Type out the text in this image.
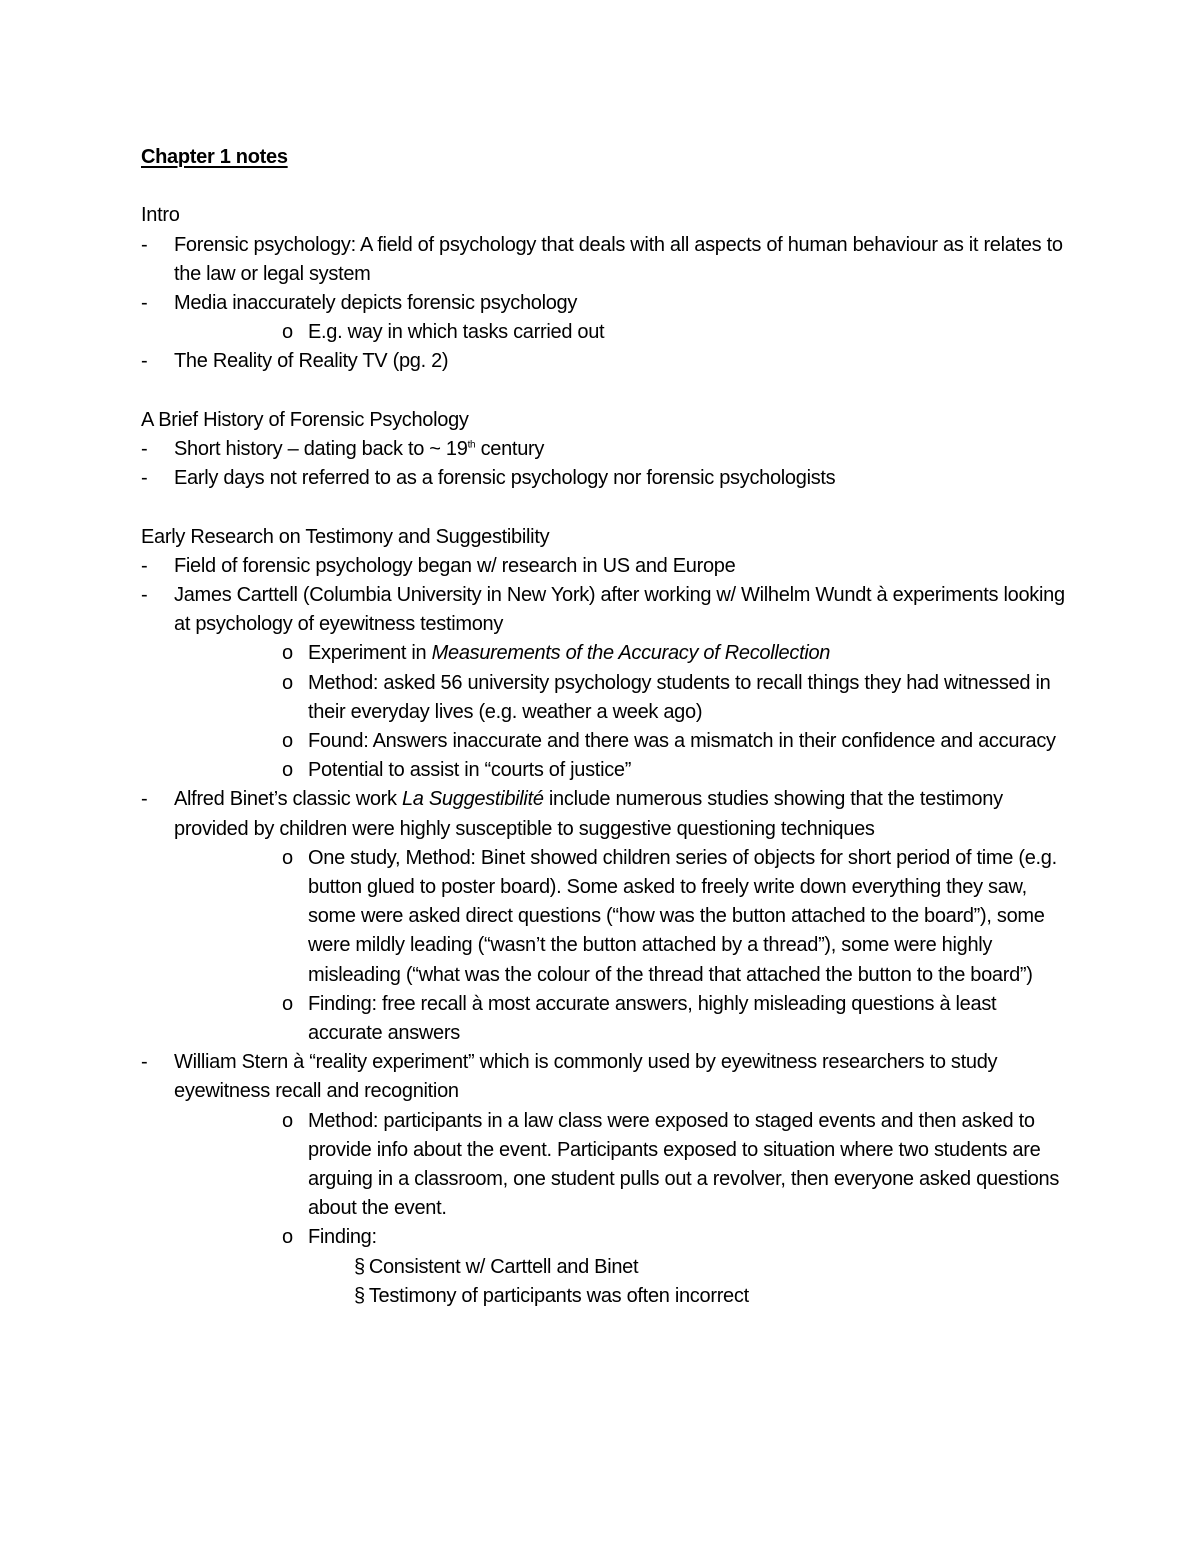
Chapter 1 notes

Intro

- Forensic psychology: A field of psychology that deals with all aspects of human behaviour as it relates to the law or legal system

- Media inaccurately depicts forensic psychology

o E.g. way in which tasks carried out

- The Reality of Reality TV (pg. 2)

A Brief History of Forensic Psychology

- Short history – dating back to ~ 19th century

- Early days not referred to as a forensic psychology nor forensic psychologists

Early Research on Testimony and Suggestibility

- Field of forensic psychology began w/ research in US and Europe

- James Carttell (Columbia University in New York) after working w/ Wilhelm Wundt à experiments looking at psychology of eyewitness testimony

o Experiment in Measurements of the Accuracy of Recollection

o Method: asked 56 university psychology students to recall things they had witnessed in their everyday lives (e.g. weather a week ago)

o Found: Answers inaccurate and there was a mismatch in their confidence and accuracy

o Potential to assist in “courts of justice”

- Alfred Binet’s classic work La Suggestibilité include numerous studies showing that the testimony provided by children were highly susceptible to suggestive questioning techniques

o One study, Method: Binet showed children series of objects for short period of time (e.g. button glued to poster board). Some asked to freely write down everything they saw, some were asked direct questions (“how was the button attached to the board”), some were mildly leading (“wasn’t the button attached by a thread”), some were highly misleading (“what was the colour of the thread that attached the button to the board”)

o Finding: free recall à most accurate answers, highly misleading questions à least accurate answers

- William Stern à “reality experiment” which is commonly used by eyewitness researchers to study eyewitness recall and recognition

o Method: participants in a law class were exposed to staged events and then asked to provide info about the event. Participants exposed to situation where two students are arguing in a classroom, one student pulls out a revolver, then everyone asked questions about the event.

o Finding:

§ Consistent w/ Carttell and Binet

§ Testimony of participants was often incorrect
